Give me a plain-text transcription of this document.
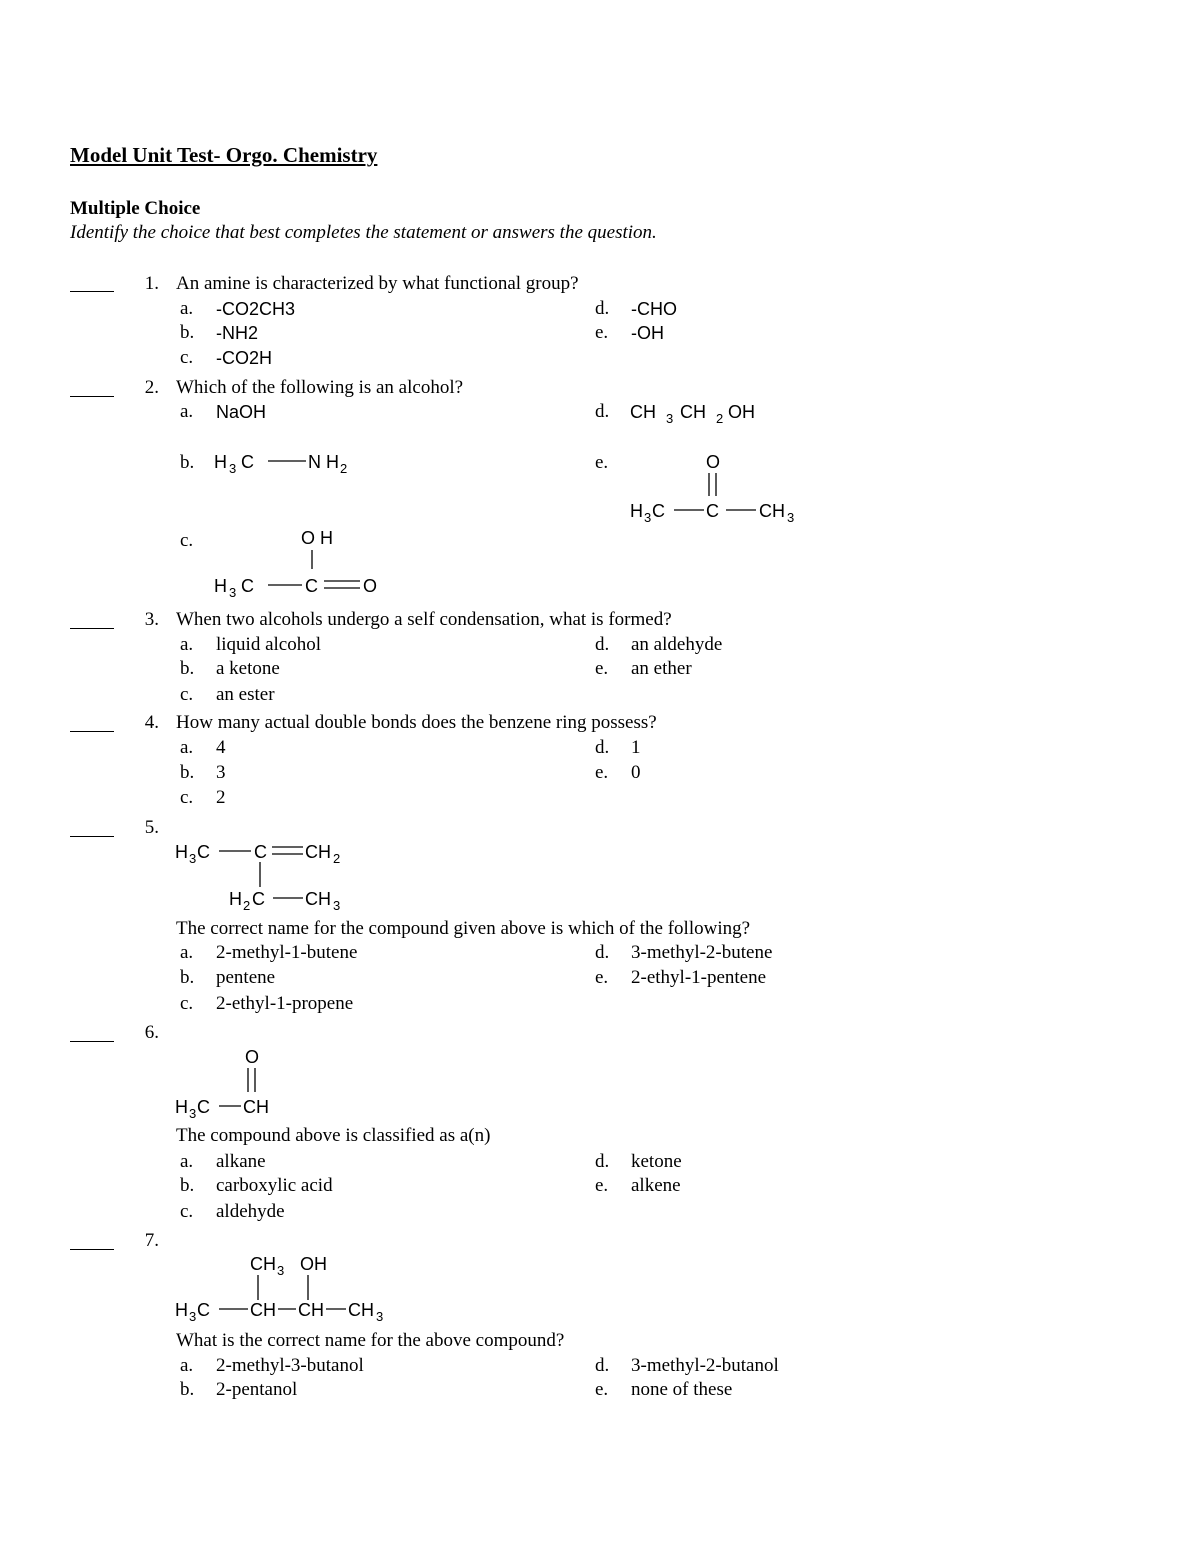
Model Unit Test- Orgo. Chemistry
Multiple Choice
Identify the choice that best completes the statement or answers the question.
1. An amine is characterized by what functional group?
a.	-CO2CH3
b.	-NH2
c.	-CO2H
d.	-CHO
e.	-OH
2. Which of the following is an alcohol?
a.	NaOH
b.	H 3 C	N H 2
c.	O H
H 3 C	C	O
d.	CH 3 CH 2 OH
e.	O
H 3 C C CH 3
3. When two alcohols undergo a self condensation, what is formed?
a.	liquid alcohol
b.	a ketone
c.	an ester
d.	an aldehyde
e.	an ether
4. How many actual double bonds does the benzene ring possess?
a.	4
b.	3
c.	2
d.	1
e.	0
5.
H 3 C C CH 2
H 2 C CH 3
The correct name for the compound given above is which of the following?
a.	2-methyl-1-butene
b.	pentene
c.	2-ethyl-1-propene
d.	3-methyl-2-butene
e.	2-ethyl-1-pentene
6.
O
H 3 C CH
The compound above is classified as a(n)
a.	alkane
b.	carboxylic acid
c.	aldehyde
d.	ketone
e.	alkene
7.
CH 3 OH
H 3 C CH CH CH 3
What is the correct name for the above compound?
a.	2-methyl-3-butanol
b.	2-pentanol
d.	3-methyl-2-butanol
e.	none of these
